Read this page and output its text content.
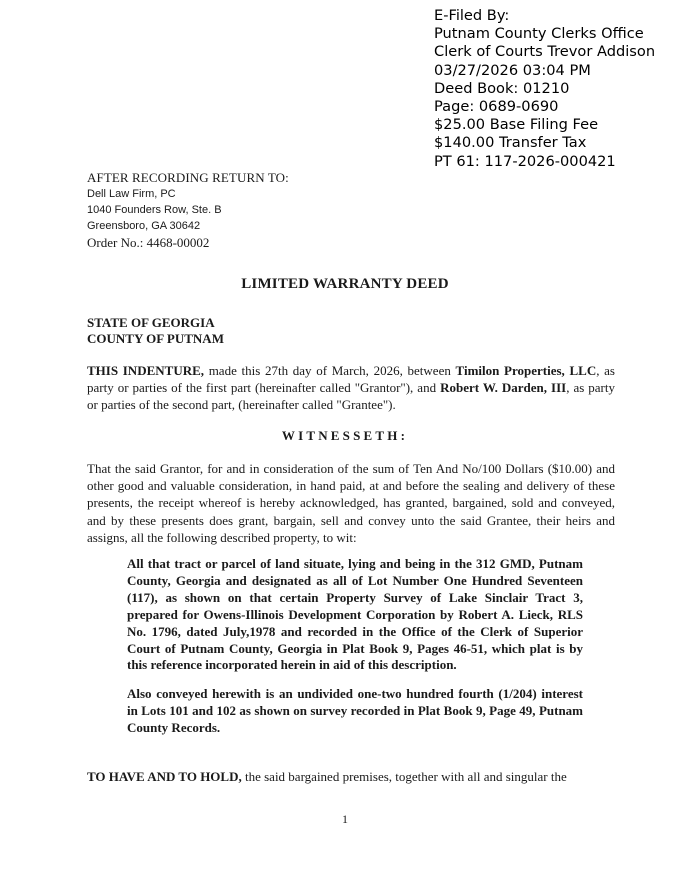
E-Filed By:
Putnam County Clerks Office
Clerk of Courts Trevor Addison
03/27/2026 03:04 PM
Deed Book: 01210
Page: 0689-0690
$25.00 Base Filing Fee
$140.00 Transfer Tax
PT 61: 117-2026-000421
AFTER RECORDING RETURN TO:
Dell Law Firm, PC
1040 Founders Row, Ste. B
Greensboro, GA 30642
Order No.: 4468-00002
LIMITED WARRANTY DEED
STATE OF GEORGIA
COUNTY OF PUTNAM
THIS INDENTURE, made this 27th day of March, 2026, between Timilon Properties, LLC, as party or parties of the first part (hereinafter called "Grantor"), and Robert W. Darden, III, as party or parties of the second part, (hereinafter called "Grantee").
WITNESSETH:
That the said Grantor, for and in consideration of the sum of Ten And No/100 Dollars ($10.00) and other good and valuable consideration, in hand paid, at and before the sealing and delivery of these presents, the receipt whereof is hereby acknowledged, has granted, bargained, sold and conveyed, and by these presents does grant, bargain, sell and convey unto the said Grantee, their heirs and assigns, all the following described property, to wit:
All that tract or parcel of land situate, lying and being in the 312 GMD, Putnam County, Georgia and designated as all of Lot Number One Hundred Seventeen (117), as shown on that certain Property Survey of Lake Sinclair Tract 3, prepared for Owens-Illinois Development Corporation by Robert A. Lieck, RLS No. 1796, dated July,1978 and recorded in the Office of the Clerk of Superior Court of Putnam County, Georgia in Plat Book 9, Pages 46-51, which plat is by this reference incorporated herein in aid of this description.
Also conveyed herewith is an undivided one-two hundred fourth (1/204) interest in Lots 101 and 102 as shown on survey recorded in Plat Book 9, Page 49, Putnam County Records.
TO HAVE AND TO HOLD, the said bargained premises, together with all and singular the
1
